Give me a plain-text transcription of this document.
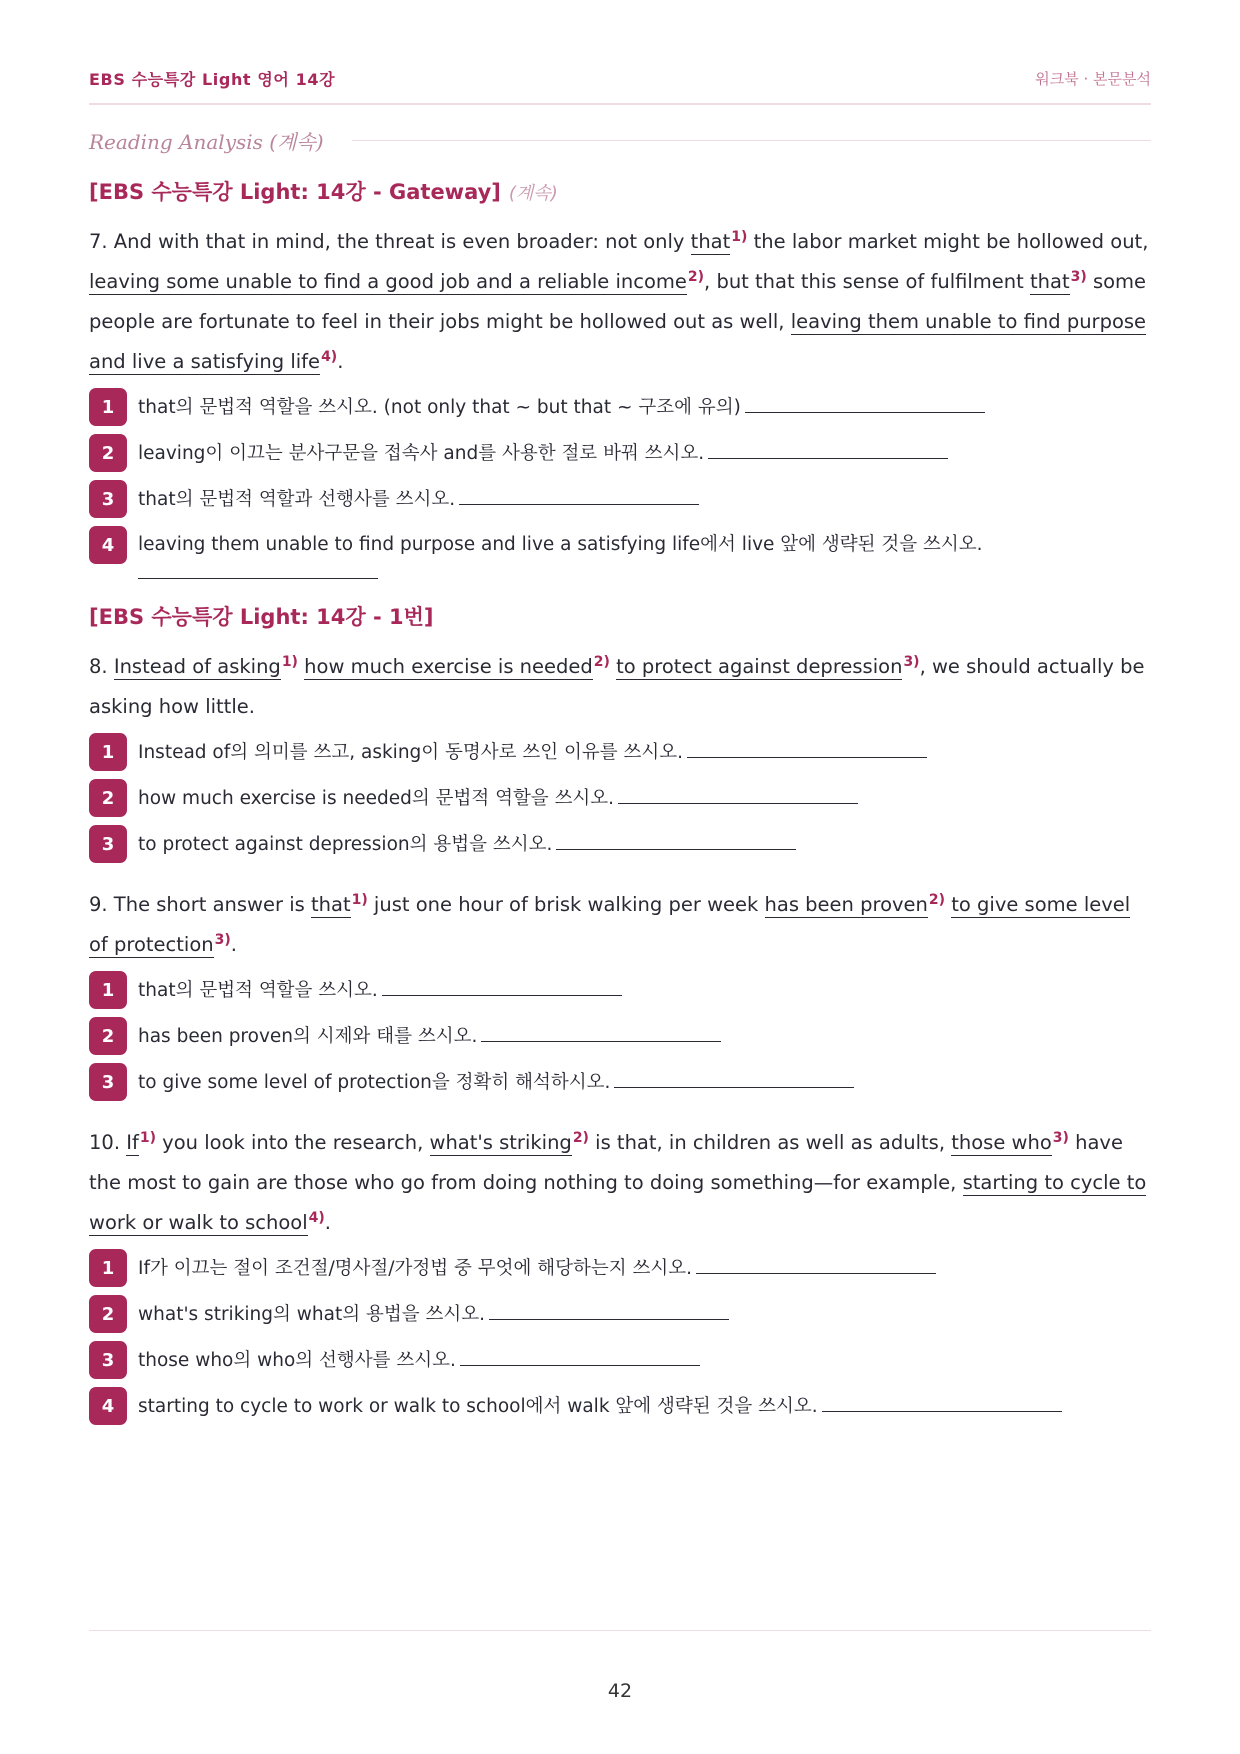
EBS 수능특강 Light 영어 14강	워크북 · 본문분석
Reading Analysis (계속)
[EBS 수능특강 Light: 14강 - Gateway] (계속)
7. And with that in mind, the threat is even broader: not only that$^{1)}$ the labor market might be hollowed out, leaving some unable to find a good job and a reliable income$^{2)}$, but that this sense of fulfilment that$^{3)}$ some people are fortunate to feel in their jobs might be hollowed out as well, leaving them unable to find purpose and live a satisfying life$^{4)}$.
1	that의 문법적 역할을 쓰시오. (not only that ~ but that ~ 구조에 유의)
2	leaving이 이끄는 분사구문을 접속사 and를 사용한 절로 바꿔 쓰시오.
3	that의 문법적 역할과 선행사를 쓰시오.
4	leaving them unable to find purpose and live a satisfying life에서 live 앞에 생략된 것을 쓰시오.
[EBS 수능특강 Light: 14강 - 1번]
8. Instead of asking$^{1)}$ how much exercise is needed$^{2)}$ to protect against depression$^{3)}$, we should actually be asking how little.
1	Instead of의 의미를 쓰고, asking이 동명사로 쓰인 이유를 쓰시오.
2	how much exercise is needed의 문법적 역할을 쓰시오.
3	to protect against depression의 용법을 쓰시오.
9. The short answer is that$^{1)}$ just one hour of brisk walking per week has been proven$^{2)}$ to give some level of protection$^{3)}$.
1	that의 문법적 역할을 쓰시오.
2	has been proven의 시제와 태를 쓰시오.
3	to give some level of protection을 정확히 해석하시오.
10. If$^{1)}$ you look into the research, what's striking$^{2)}$ is that, in children as well as adults, those who$^{3)}$ have the most to gain are those who go from doing nothing to doing something—for example, starting to cycle to work or walk to school$^{4)}$.
1	If가 이끄는 절이 조건절/명사절/가정법 중 무엇에 해당하는지 쓰시오.
2	what's striking의 what의 용법을 쓰시오.
3	those who의 who의 선행사를 쓰시오.
4	starting to cycle to work or walk to school에서 walk 앞에 생략된 것을 쓰시오.
42
